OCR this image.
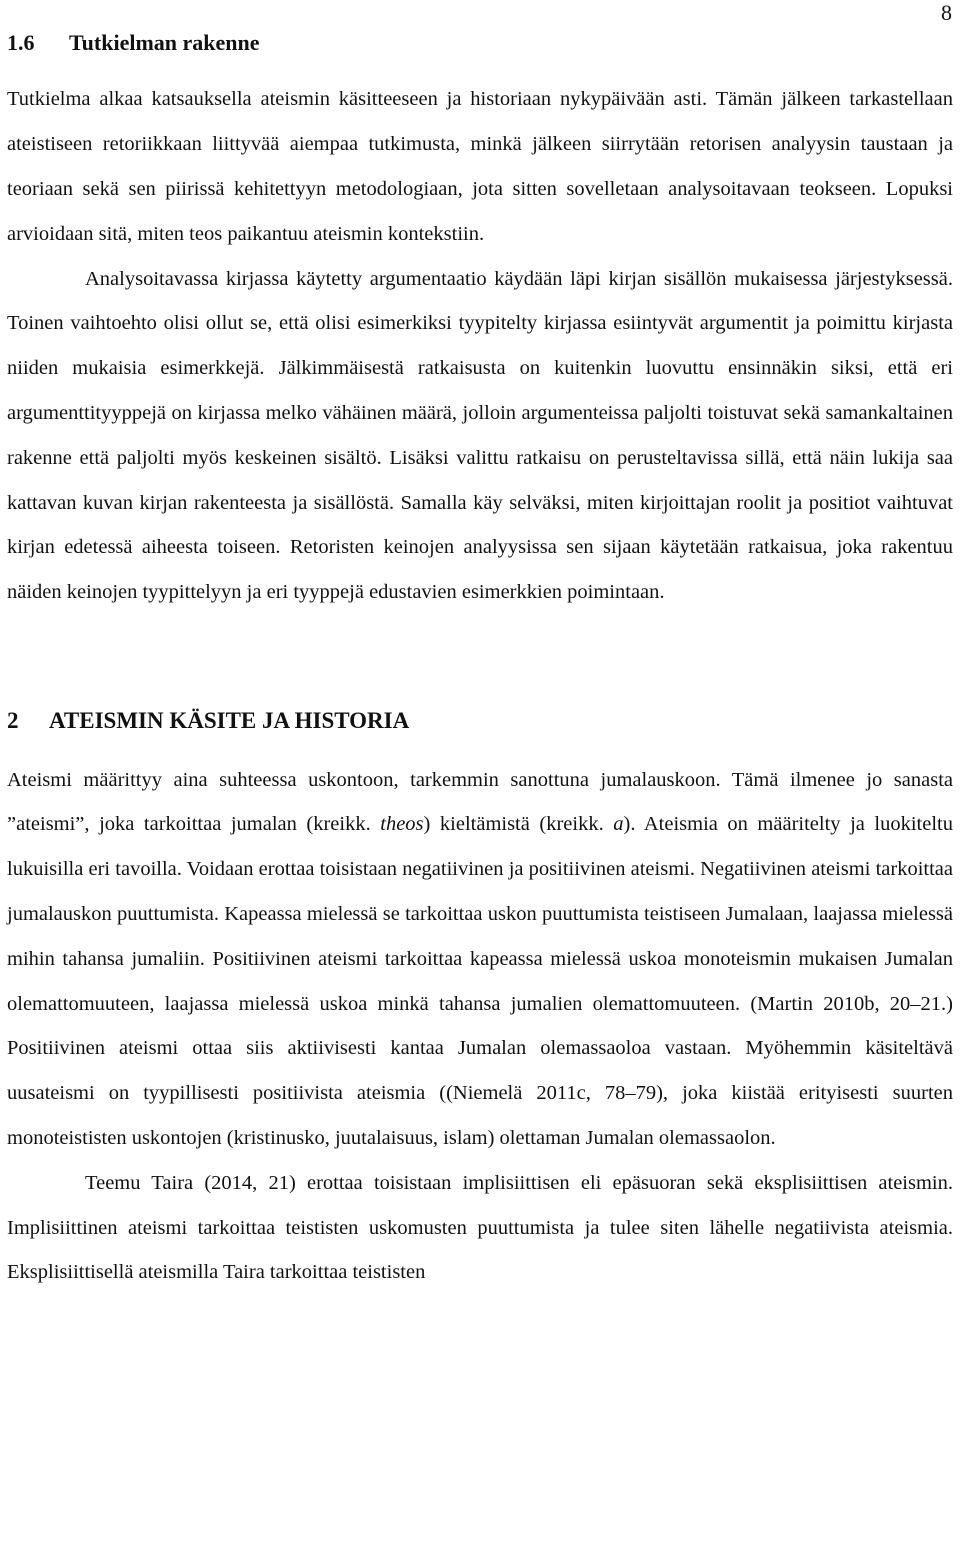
8
1.6 Tutkielman rakenne

Tutkielma alkaa katsauksella ateismin käsitteeseen ja historiaan nykypäivään asti. Tämän jälkeen tarkastellaan ateistiseen retoriikkaan liittyvää aiempaa tutkimusta, minkä jälkeen siirrytään retorisen analyysin taustaan ja teoriaan sekä sen piirissä kehitettyyn metodologiaan, jota sitten sovelletaan analysoitavaan teokseen. Lopuksi arvioidaan sitä, miten teos paikantuu ateismin kontekstiin.

Analysoitavassa kirjassa käytetty argumentaatio käydään läpi kirjan sisällön mukaisessa järjestyksessä. Toinen vaihtoehto olisi ollut se, että olisi esimerkiksi tyypitelty kirjassa esiintyvät argumentit ja poimittu kirjasta niiden mukaisia esimerkkejä. Jälkimmäisestä ratkaisusta on kuitenkin luovuttu ensinnäkin siksi, että eri argumenttityyppejä on kirjassa melko vähäinen määrä, jolloin argumenteissa paljolti toistuvat sekä samankaltainen rakenne että paljolti myös keskeinen sisältö. Lisäksi valittu ratkaisu on perusteltavissa sillä, että näin lukija saa kattavan kuvan kirjan rakenteesta ja sisällöstä. Samalla käy selväksi, miten kirjoittajan roolit ja positiot vaihtuvat kirjan edetessä aiheesta toiseen. Retoristen keinojen analyysissa sen sijaan käytetään ratkaisua, joka rakentuu näiden keinojen tyypittelyyn ja eri tyyppejä edustavien esimerkkien poimintaan.

2 ATEISMIN KÄSITE JA HISTORIA

Ateismi määrittyy aina suhteessa uskontoon, tarkemmin sanottuna jumalauskoon. Tämä ilmenee jo sanasta ”ateismi”, joka tarkoittaa jumalan (kreikk. theos) kieltämistä (kreikk. a). Ateismia on määritelty ja luokiteltu lukuisilla eri tavoilla. Voidaan erottaa toisistaan negatiivinen ja positiivinen ateismi. Negatiivinen ateismi tarkoittaa jumalauskon puuttumista. Kapeassa mielessä se tarkoittaa uskon puuttumista teistiseen Jumalaan, laajassa mielessä mihin tahansa jumaliin. Positiivinen ateismi tarkoittaa kapeassa mielessä uskoa monoteismin mukaisen Jumalan olemattomuuteen, laajassa mielessä uskoa minkä tahansa jumalien olemattomuuteen. (Martin 2010b, 20–21.) Positiivinen ateismi ottaa siis aktiivisesti kantaa Jumalan olemassaoloa vastaan. Myöhemmin käsiteltävä uusateismi on tyypillisesti positiivista ateismia ((Niemelä 2011c, 78–79), joka kiistää erityisesti suurten monoteististen uskontojen (kristinusko, juutalaisuus, islam) olettaman Jumalan olemassaolon.

Teemu Taira (2014, 21) erottaa toisistaan implisiittisen eli epäsuoran sekä eksplisiittisen ateismin. Implisiittinen ateismi tarkoittaa teististen uskomusten puuttumista ja tulee siten lähelle negatiivista ateismia. Eksplisiittisellä ateismilla Taira tarkoittaa teististen
